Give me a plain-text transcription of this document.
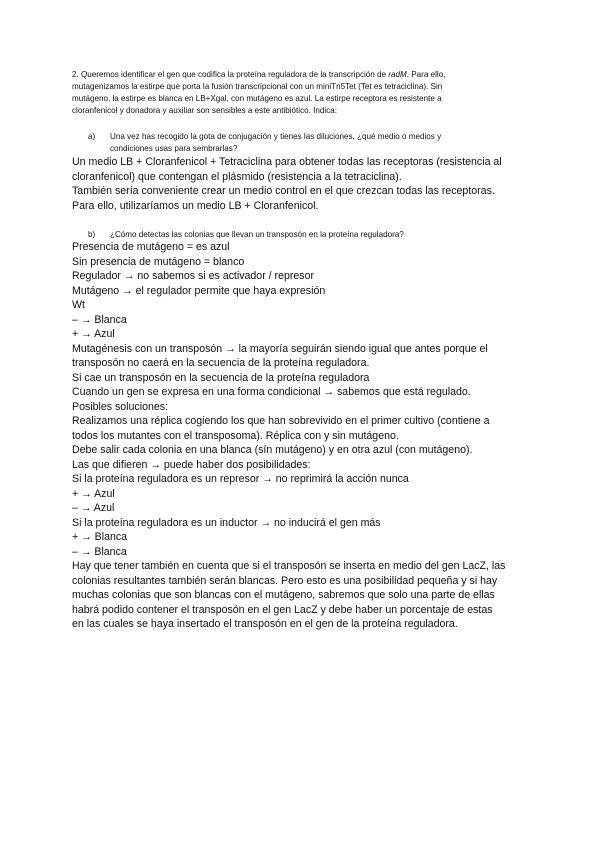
2. Queremos identificar el gen que codifica la proteína reguladora de la transcripción de radM. Para ello,
mutagenizamos la estirpe que porta la fusión transcripcional con un miniTn5Tet (Tet es tetraciclina). Sin
mutágeno, la estirpe es blanca en LB+Xgal, con mutágeno es azul. La estirpe receptora es resistente a
cloranfenicol y donadora y auxiliar son sensibles a este antibiótico. Indica:
a) Una vez has recogido la gota de conjugación y tienes las diluciones, ¿qué medio o medios y
condiciones usas para sembrarlas?
Un medio LB + Cloranfenicol + Tetraciclina para obtener todas las receptoras (resistencia al
cloranfenicol) que contengan el plásmido (resistencia a la tetraciclina).
También sería conveniente crear un medio control en el que crezcan todas las receptoras.
Para ello, utilizaríamos un medio LB + Cloranfenicol.
b) ¿Cómo detectas las colonias que llevan un transposón en la proteína reguladora?
Presencia de mutágeno = es azul
Sin presencia de mutágeno = blanco
Regulador → no sabemos si es activador / represor
Mutágeno → el regulador permite que haya expresión
Wt
– → Blanca
+ → Azul
Mutagénesis con un transposón → la mayoría seguirán siendo igual que antes porque el
transposón no caerá en la secuencia de la proteína reguladora.
Si cae un transposón en la secuencia de la proteína reguladora
Cuando un gen se expresa en una forma condicional → sabemos que está regulado.
Posibles soluciones:
Realizamos una réplica cogiendo los que han sobrevivido en el primer cultivo (contiene a
todos los mutantes con el transposoma). Réplica con y sin mutágeno.
Debe salir cada colonia en una blanca (sín mutágeno) y en otra azul (con mutágeno).
Las que difieren → puede haber dos posibilidades:
Si la proteína reguladora es un represor → no reprimirá la acción nunca
+ → Azul
– → Azul
Si la proteína reguladora es un inductor → no inducirá el gen más
+ → Blanca
– → Blanca
Hay que tener también en cuenta que si el transposón se inserta en medio del gen LacZ, las
colonias resultantes también serán blancas. Pero esto es una posibilidad pequeña y si hay
muchas colonias que son blancas con el mutágeno, sabremos que solo una parte de ellas
habrá podido contener el transposón en el gen LacZ y debe haber un porcentaje de estas
en las cuales se haya insertado el transposón en el gen de la proteína reguladora.
